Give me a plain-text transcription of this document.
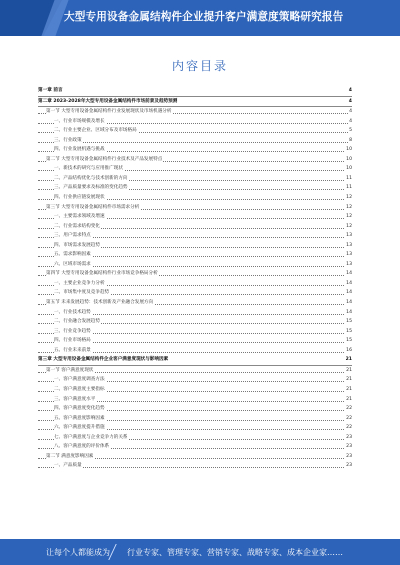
大型专用设备金属结构件企业提升客户满意度策略研究报告
内容目录
第一章 前言	4
第二章 2023-2028年大型专用设备金属结构件市场前景及趋势预测	4
第一节 大型专用设备金属结构件行业发展现状及市场机遇分析	4
一、行业市场规模及增长	4
二、行业主要企业、区域分布及市场格局	5
三、行业政策	8
四、行业发展机遇与挑战	10
第二节 大型专用设备金属结构件行业技术及产品发展特点	10
一、新技术的研究与应用推广现状	10
二、产品结构优化与技术创新的方向	11
三、产品质量要求及标准的变化趋势	11
四、行业供应链发展现状	12
第三节 大型专用设备金属结构件市场需求分析	12
一、主要需求领域及增速	12
二、行业需求结构变化	12
三、用户需求特点	13
四、市场需求发展趋势	13
五、需求影响因素	13
六、区域市场需求	13
第四节 大型专用设备金属结构件行业市场竞争格局分析	14
一、主要企业竞争力分析	14
二、市场集中度及竞争趋势	14
第五节 未来发展趋势：技术创新及产业融合发展方向	14
一、行业技术趋势	14
二、行业融合发展趋势	15
三、行业竞争趋势	15
四、行业市场格局	15
五、行业未来前景	16
第三章 大型专用设备金属结构件企业客户满意度现状与影响因素	21
第一节 客户满意度现状	21
一、客户满意度调查方法	21
二、客户满意度主要指标	21
三、客户满意度水平	21
四、客户满意度变化趋势	22
五、客户满意度影响因素	22
六、客户满意度提升措施	22
七、客户满意度与企业竞争力的关系	23
八、客户满意度的评价体系	23
第二节 满意度影响因素	23
一、产品质量	23
让每个人都能成为 行业专家、管理专家、营销专家、战略专家、成本企业家……
